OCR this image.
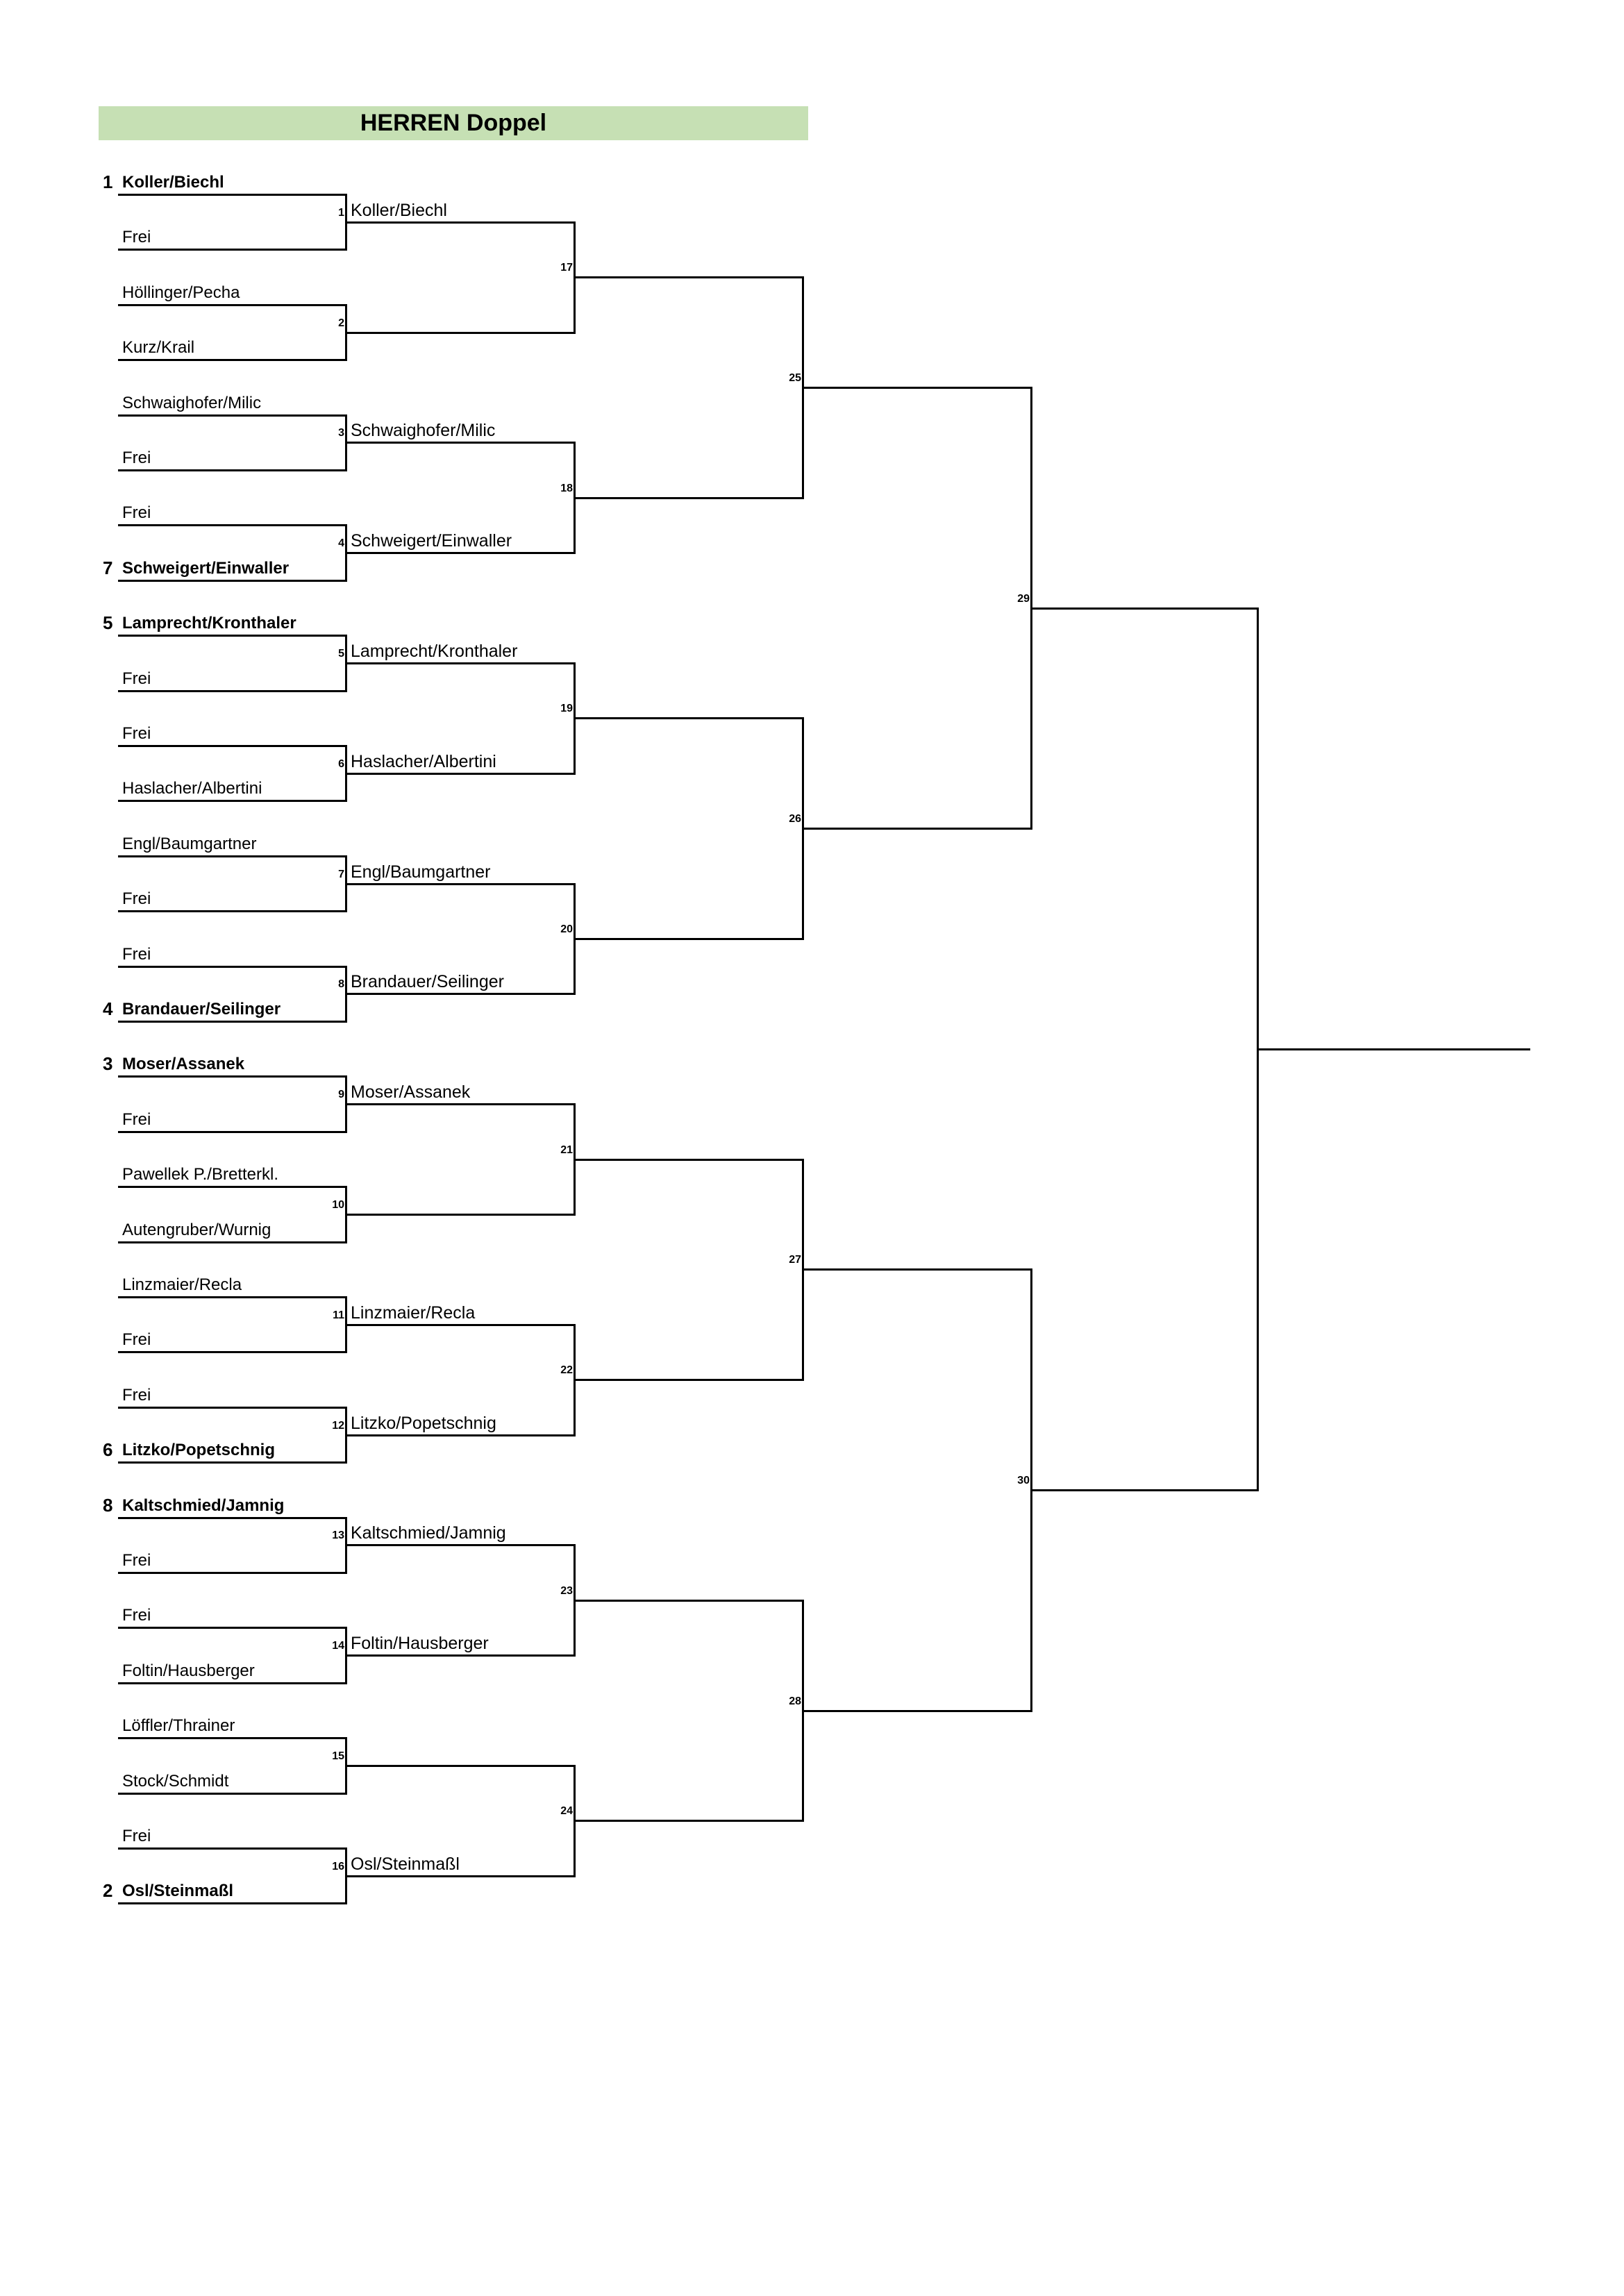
HERREN Doppel
Koller/Biechl
1
Frei
Höllinger/Pecha
Kurz/Krail
Schwaighofer/Milic
Frei
Frei
Schweigert/Einwaller
7
Lamprecht/Kronthaler
5
Frei
Frei
Haslacher/Albertini
Engl/Baumgartner
Frei
Frei
Brandauer/Seilinger
4
Moser/Assanek
3
Frei
Pawellek P./Bretterkl.
Autengruber/Wurnig
Linzmaier/Recla
Frei
Frei
Litzko/Popetschnig
6
Kaltschmied/Jamnig
8
Frei
Frei
Foltin/Hausberger
Löffler/Thrainer
Stock/Schmidt
Frei
Osl/Steinmaßl
2
1 Koller/Biechl
2
3 Schwaighofer/Milic
4 Schweigert/Einwaller
5 Lamprecht/Kronthaler
6 Haslacher/Albertini
7 Engl/Baumgartner
8 Brandauer/Seilinger
9 Moser/Assanek
10
11 Linzmaier/Recla
12 Litzko/Popetschnig
13 Kaltschmied/Jamnig
14 Foltin/Hausberger
15
16 Osl/Steinmaßl
17
18
19
20
21
22
23
24
25
26
27
28
29
30
